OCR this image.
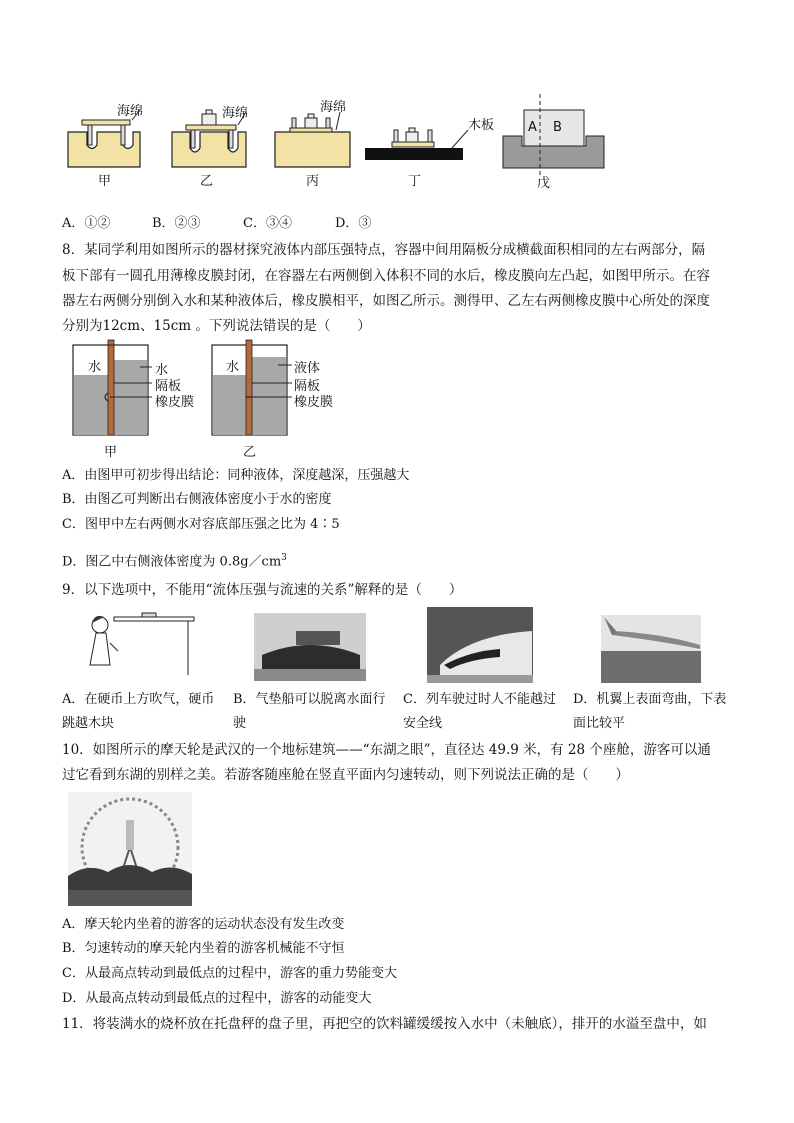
海绵
甲
海绵
乙
海绵
丙
木板
丁
A B
戊
A．①②	B．②③	C．③④	D．③
8．某同学利用如图所示的器材探究液体内部压强特点，容器中间用隔板分成横截面积相同的左右两部分，隔
板下部有一圆孔用薄橡皮膜封闭，在容器左右两侧倒入体积不同的水后，橡皮膜向左凸起，如图甲所示。在容
器左右两侧分别倒入水和某种液体后，橡皮膜相平，如图乙所示。测得甲、乙左右两侧橡皮膜中心所处的深度
分别为12cm、15cm 。下列说法错误的是（　　）
水	水
隔板
橡皮膜
甲
水	液体
隔板
橡皮膜
乙
A．由图甲可初步得出结论：同种液体，深度越深，压强越大
B．由图乙可判断出右侧液体密度小于水的密度
C．图甲中左右两侧水对容底部压强之比为 4∶5
D．图乙中右侧液体密度为 $0.8g/cm^3$
9．以下选项中，不能用“流体压强与流速的关系”解释的是（　　）
A．在硬币上方吹气，硬币
跳越木块
B．气垫船可以脱离水面行
驶
C．列车驶过时人不能越过
安全线
D．机翼上表面弯曲，下表
面比较平
10．如图所示的摩天轮是武汉的一个地标建筑——“东湖之眼”，直径达 49.9 米，有 28 个座舱，游客可以通
过它看到东湖的别样之美。若游客随座舱在竖直平面内匀速转动，则下列说法正确的是（　　）
A．摩天轮内坐着的游客的运动状态没有发生改变
B．匀速转动的摩天轮内坐着的游客机械能不守恒
C．从最高点转动到最低点的过程中，游客的重力势能变大
D．从最高点转动到最低点的过程中，游客的动能变大
11．将装满水的烧杯放在托盘秤的盘子里，再把空的饮料罐缓缓按入水中（未触底），排开的水溢至盘中，如
